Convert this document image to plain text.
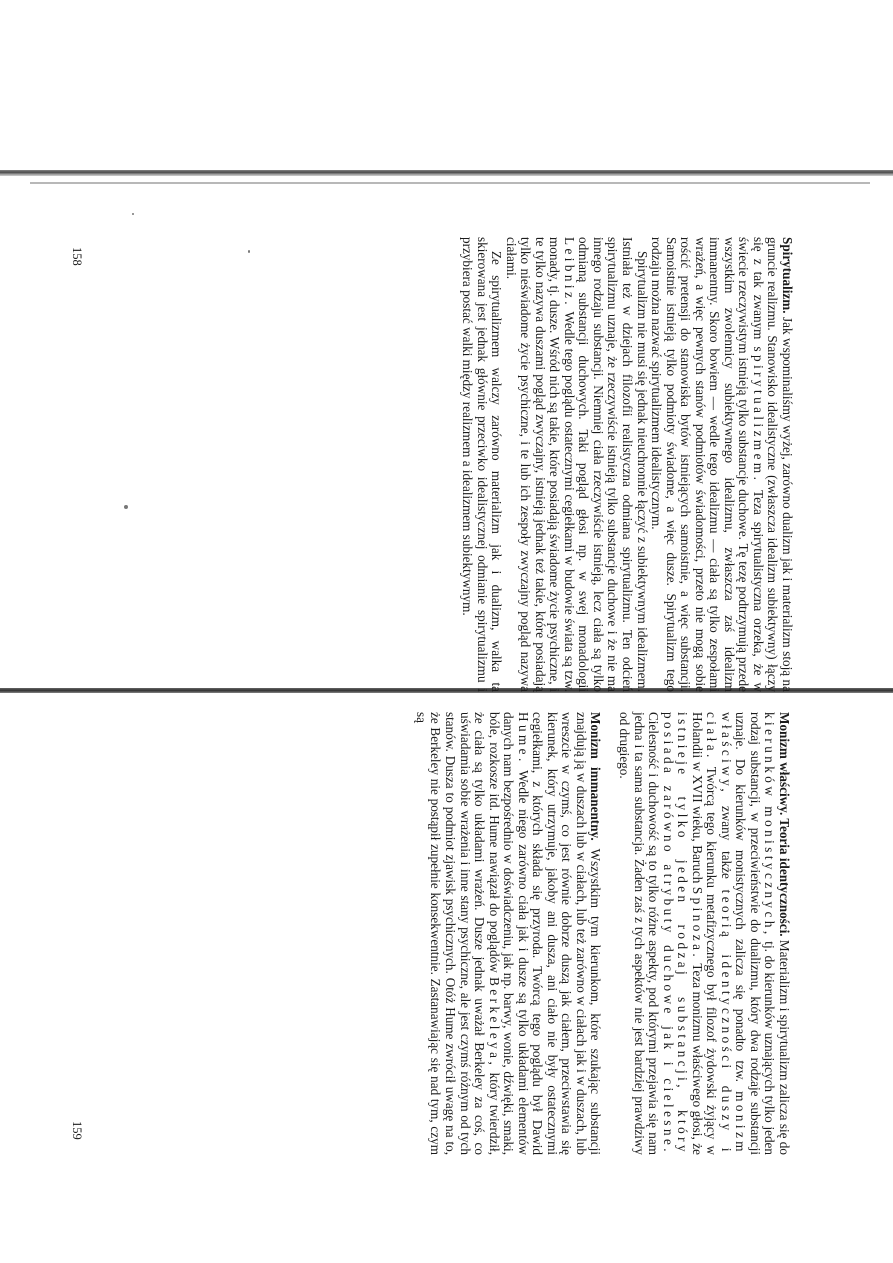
Spirytualizm. Jak wspominaliśmy wyżej, zarówno dualizm jak i materializm stoją na gruncie realizmu. Stanowisko idealistyczne (zwłaszcza idealizm subiektywny) łączy się z tak zwanym spirytualizmem. Teza spirytualistyczna orzeka, że w świecie rzeczywistym istnieją tylko substancje duchowe. Tę tezę podtrzymują przede wszystkim zwolennicy subiektywnego idealizmu, zwłaszcza zaś idealizm immanentny. Skoro bowiem — wedle tego idealizmu — ciała są tylko zespołami wrażeń, a więc pewnych stanów podmiotów świadomości, przeto nie mogą sobie rościć pretensji do stanowiska bytów istniejących samoistnie, a więc substancji. Samoistnie istnieją tylko podmioty świadome, a więc dusze. Spirytualizm tego rodzaju można nazwać spirytualizmem idealistycznym.

Spirytualizm nie musi się jednak nieuchronnie łączyć z subiektywnym idealizmem. Istniała też w dziejach filozofii realistyczna odmiana spirytualizmu. Ten odcień spirytualizmu uznaje, że rzeczywiście istnieją tylko substancje duchowe i że nie ma innego rodzaju substancji. Niemniej ciała rzeczywiście istnieją, lecz ciała są tylko odmianą substancji duchowych. Taki pogląd głosi np. w swej monadologii Leibniz. Wedle tego poglądu ostatecznymi cegiełkami w budowie świata są tzw. monady, tj. dusze. Wśród nich są takie, które posiadają świadome życie psychiczne, i te tylko nazywa duszami pogląd zwyczajny, istnieją jednak też takie, które posiadają tylko nieświadome życie psychiczne, i te lub ich zespoły zwyczajny pogląd nazywa ciałami.

Ze spirytualizmem walczy zarówno materializm jak i dualizm, walka ta skierowana jest jednak głównie przeciwko idealistycznej odmianie spirytualizmu i przybiera postać walki między realizmem a idealizmem subiektywnym.

Monizm właściwy. Teoria identyczności. Materializm i spirytualizm zalicza się do kierunków monistycznych, tj. do kierunków uznających tylko jeden rodzaj substancji, w przeciwieństwie do dualizmu, który dwa rodzaje substancji uznaje. Do kierunków monistycznych zalicza się ponadto tzw. monizm właściwy, zwany także teorią identyczności duszy i ciała. Twórcą tego kierunku metafizycznego był filozof żydowski żyjący w Holandii w XVII wieku, Baruch Spinoza. Teza monizmu właściwego głosi, że istnieje tylko jeden rodzaj substancji, który posiada zarówno atrybuty duchowe jak i cielesne. Cielesność i duchowość są to tylko różne aspekty, pod którymi przejawia się nam jedna i ta sama substancja. Żaden zaś z tych aspektów nie jest bardziej prawdziwy od drugiego.

Monizm immanentny. Wszystkim tym kierunkom, które szukając substancji znajdują ją w duszach lub w ciałach, lub też zarówno w ciałach jak i w duszach, lub wreszcie w czymś, co jest równie dobrze duszą jak ciałem, przeciwstawia się kierunek, który utrzymuje, jakoby ani dusza, ani ciało nie były ostatecznymi cegiełkami, z których składa się przyroda. Twórcą tego poglądu był Dawid Hume. Wedle niego zarówno ciała jak i dusze są tylko układami elementów danych nam bezpośrednio w doświadczeniu, jak np. barwy, wonie, dźwięki, smaki, bóle, rozkosze itd. Hume nawiązał do poglądów Berkeleya, który twierdził, że ciała są tylko układami wrażeń. Dusze jednak uważał Berkeley za coś, co uświadamia sobie wrażenia i inne stany psychiczne, ale jest czymś różnym od tych stanów. Dusza to podmiot zjawisk psychicznych. Otóż Hume zwrócił uwagę na to, że Berkeley nie postąpił zupełnie konsekwentnie. Zastanawiając się nad tym, czym są

158
159
